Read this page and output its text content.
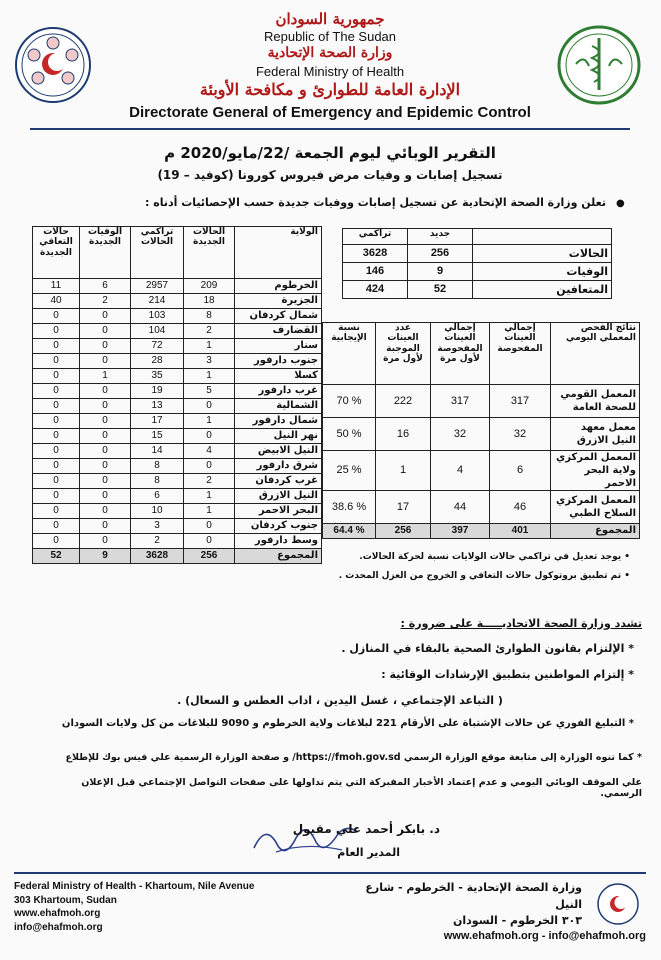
جمهورية السودان
Republic of The Sudan
وزارة الصحة الإتحادية
Federal Ministry of Health
الإدارة العامة للطوارئ و مكافحة الأوبئة
Directorate General of Emergency and Epidemic Control
التقرير الوبائي ليوم الجمعة /22/مايو/2020 م
تسجيل إصابات و وفيات مرض فيروس كورونا (كوفيد – 19)
تعلن وزارة الصحة الإتحادية عن تسجيل إصابات ووفيات جديدة حسب الإحصائيات أدناه : ●
حالات التعافي الجديدة	الوفيات الجديدة	تراكمي الحالات	الحالات الجديدة	الولاية
11	6	2957	209	الخرطوم
40	2	214	18	الجزيرة
0	0	103	8	شمال كردفان
0	0	104	2	القضارف
0	0	72	1	سنار
0	0	28	3	جنوب دارفور
0	1	35	1	كسلا
0	0	19	5	غرب دارفور
0	0	13	0	الشمالية
0	0	17	1	شمال دارفور
0	0	15	0	نهر النيل
0	0	14	4	النيل الابيض
0	0	8	0	شرق دارفور
0	0	8	2	غرب كردفان
0	0	6	1	النيل الازرق
0	0	10	1	البحر الاحمر
0	0	3	0	جنوب كردفان
0	0	2	0	وسط دارفور
52	9	3628	256	المجموع
تراكمي	جديد	
3628	256	الحالات
146	9	الوفيات
424	52	المتعافين
نسبة الإيجابية	عدد العينات الموجبة لأول مرة	إجمالي العينات المفحوصة لأول مرة	إجمالي العينات المفحوصة	نتائج الفحص المعملي اليومي
70 %	222	317	317	المعمل القومي للصحة العامة
50 %	16	32	32	معمل معهد النيل الازرق
25 %	1	4	6	المعمل المركزي ولاية البحر الاحمر
38.6 %	17	44	46	المعمل المركزي السلاح الطبي
64.4 %	256	397	401	المجموع
• يوجد تعديل في تراكمي حالات الولايات نسبة لحركة الحالات.
• تم تطبيق بروتوكول حالات التعافي و الخروج من العزل المحدث .
تشدد وزارة الصحة الاتحاديـــــة على ضرورة :
* الإلتزام بقانون الطوارئ الصحية بالبقاء في المنازل .
* إلتزام المواطنين بتطبيق الإرشادات الوقائية :
( التباعد الإجتماعي ، غسل اليدين ، اداب العطس و السعال) .
* التبليغ الفوري عن حالات الإشتباة على الأرقام 221 لبلاغات ولاية الخرطوم و 9090 للبلاغات من كل ولايات السودان
* كما تنوه الوزارة إلى متابعة موقع الوزارة الرسمي https://fmoh.gov.sd/ و صفحة الوزارة الرسمية علي فيس بوك للإطلاع
علي الموقف الوبائي اليومي و عدم إعتماد الأخبار المفبركة التي يتم تداولها على صفحات التواصل الإجتماعي قبل الإعلان الرسمي.
د. بابكر أحمد علي مقبول
المدير العام
Federal Ministry of Health - Khartoum, Nile Avenue
303 Khartoum, Sudan
www.ehafmoh.org
info@ehafmoh.org
وزارة الصحة الإتحادية - الخرطوم - شارع النيل
٣٠٣ الخرطوم - السودان
www.ehafmoh.org - info@ehafmoh.org
